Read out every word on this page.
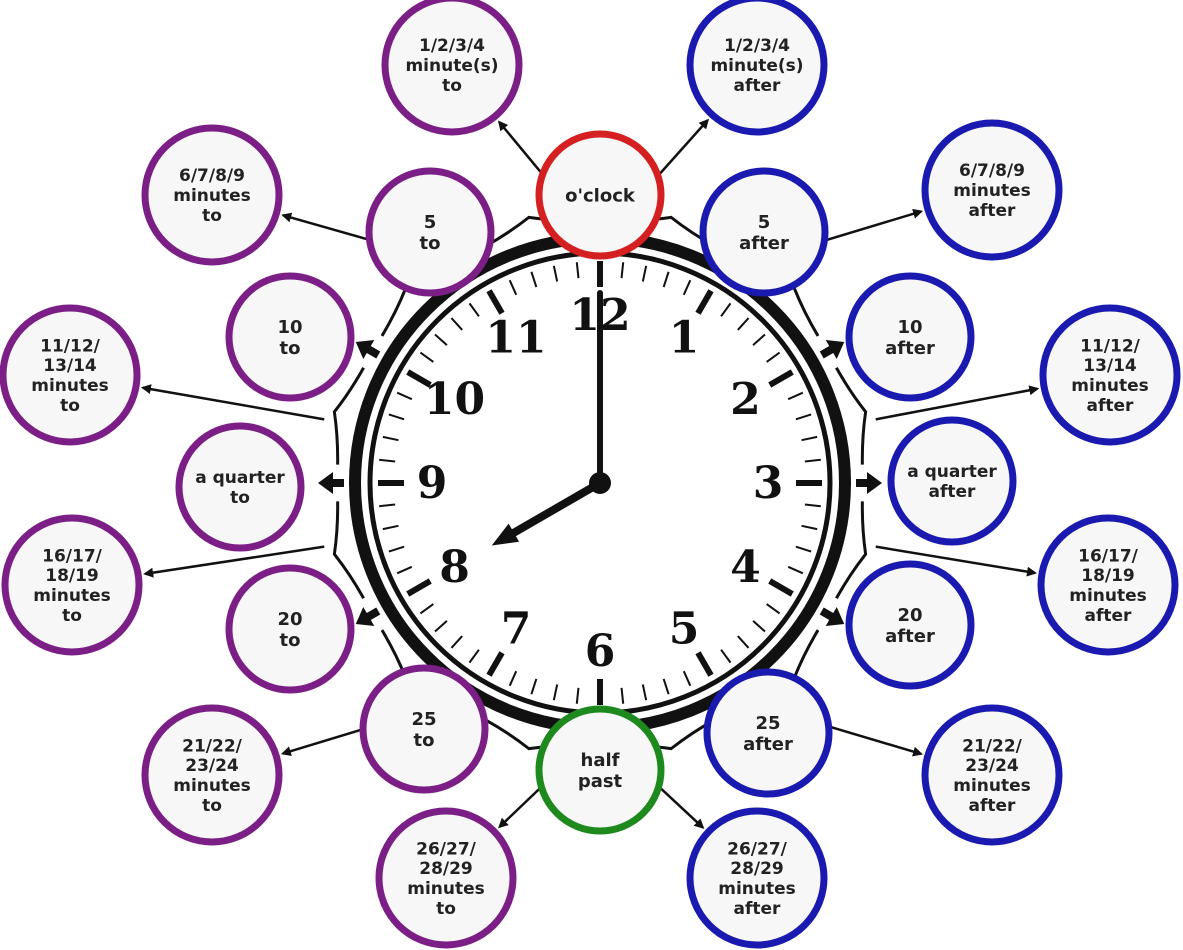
12 1
2
3
4
5
6
7
8
9
10
11
5
after
5
to
10
after
10
to
a quarter
after
a quarter
to
20
after
20
to
25
after
25
to
o'clock
half
past
1/2/3/4
minute(s)
after
1/2/3/4
minute(s)
to
6/7/8/9
minutes
after
6/7/8/9
minutes
to
11/12/
13/14
minutes
after
11/12/
13/14
minutes
to
16/17/
18/19
minutes
after
16/17/
18/19
minutes
to
21/22/
23/24
minutes
after
21/22/
23/24
minutes
to
26/27/
28/29
minutes
after
26/27/
28/29
minutes
to
